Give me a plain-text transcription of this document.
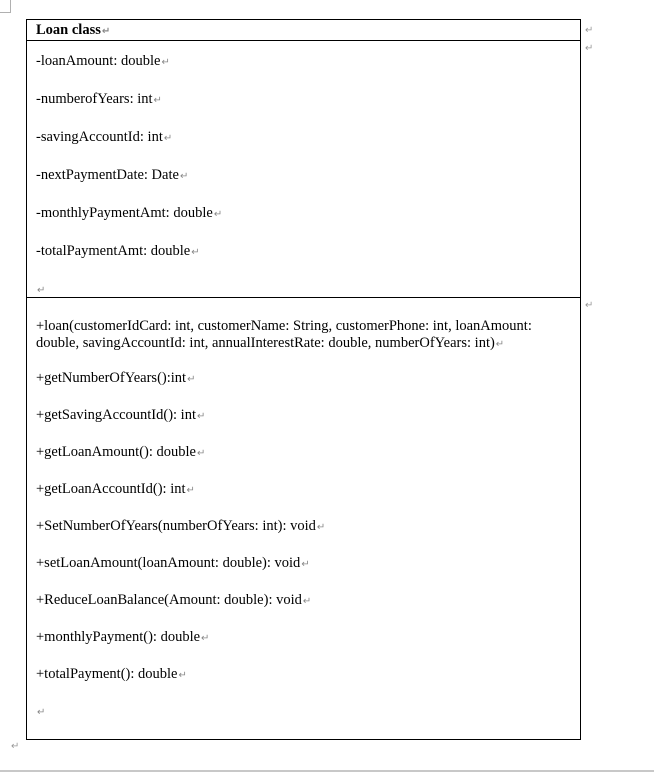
Loan class↵
-loanAmount: double↵
-numberofYears: int↵
-savingAccountId: int↵
-nextPaymentDate: Date↵
-monthlyPaymentAmt: double↵
-totalPaymentAmt: double↵
↵
+loan(customerIdCard: int, customerName: String, customerPhone: int, loanAmount: double, savingAccountId: int, annualInterestRate: double, numberOfYears: int)↵
+getNumberOfYears():int↵
+getSavingAccountId(): int↵
+getLoanAmount(): double↵
+getLoanAccountId(): int↵
+SetNumberOfYears(numberOfYears: int): void↵
+setLoanAmount(loanAmount: double): void↵
+ReduceLoanBalance(Amount: double): void↵
+monthlyPayment(): double↵
+totalPayment(): double↵
↵
↵
↵
↵
↵
